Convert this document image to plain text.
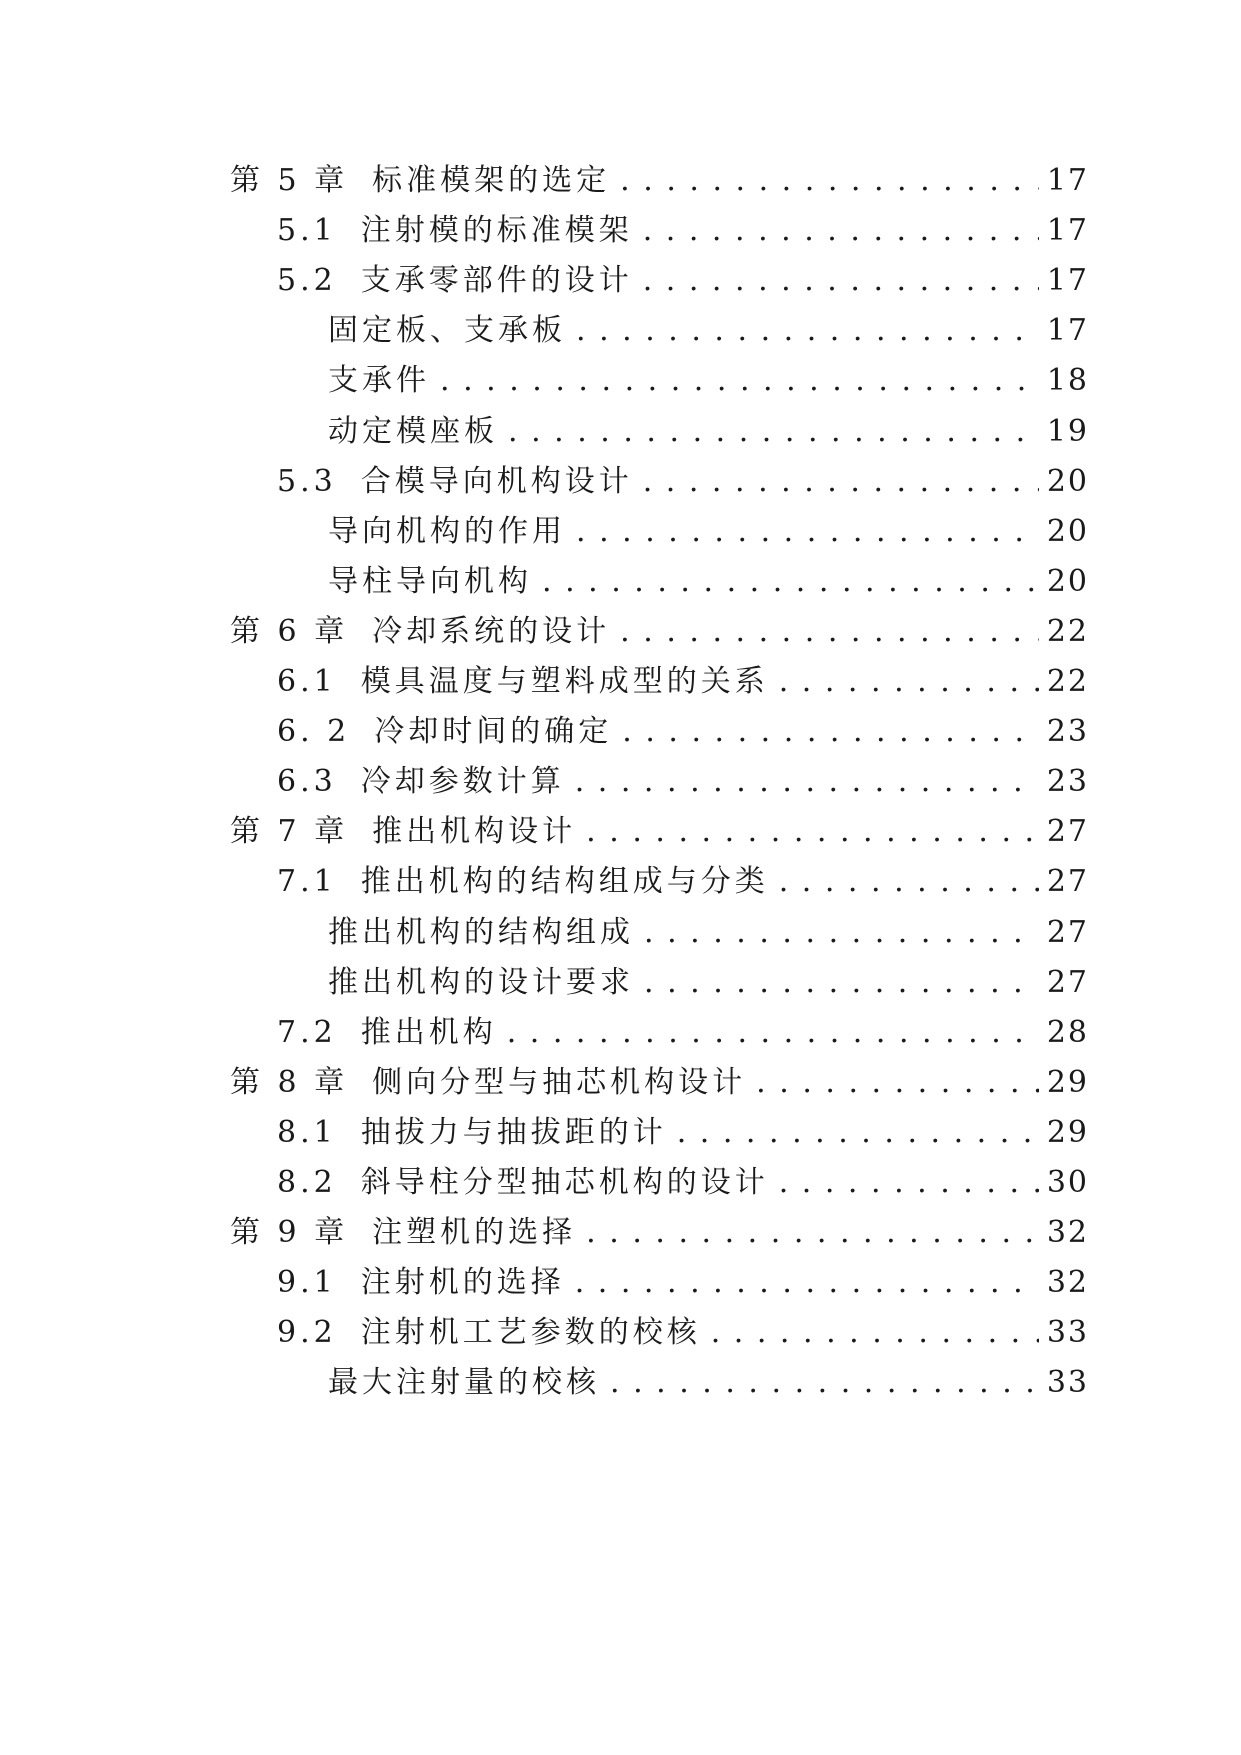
第 5 章 标准模架的选定 . . .	17
5.1 注射模的标准模架 . . .	17
5.2 支承零部件的设计 . . .	17
固定板、支承板 . . .	17
支承件 . . .	18
动定模座板 . . .	19
5.3 合模导向机构设计 . . .	20
导向机构的作用 . . .	20
导柱导向机构 . . .	20
第 6 章 冷却系统的设计 . . .	22
6.1 模具温度与塑料成型的关系 . . .	22
6. 2 冷却时间的确定 . . .	23
6.3 冷却参数计算 . . .	23
第 7 章 推出机构设计 . . .	27
7.1 推出机构的结构组成与分类 . . .	27
推出机构的结构组成 . . .	27
推出机构的设计要求 . . .	27
7.2 推出机构 . . .	28
第 8 章 侧向分型与抽芯机构设计 . . .	29
8.1 抽拔力与抽拔距的计 . . .	29
8.2 斜导柱分型抽芯机构的设计 . . .	30
第 9 章 注塑机的选择 . . .	32
9.1 注射机的选择 . . .	32
9.2 注射机工艺参数的校核 . . .	33
最大注射量的校核 . . .	33
